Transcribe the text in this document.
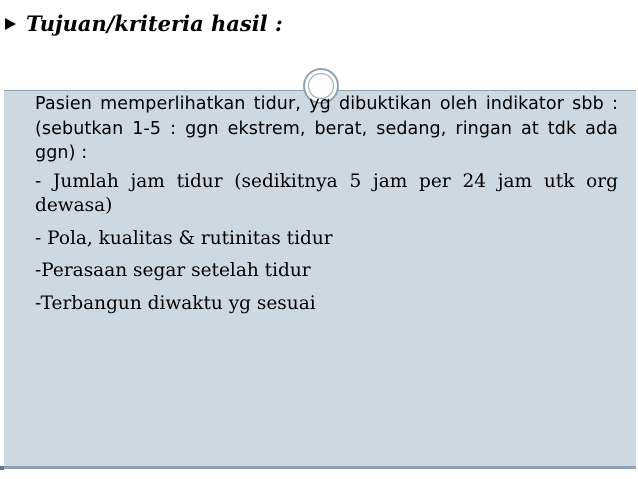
Tujuan/kriteria hasil :

Pasien memperlihatkan tidur, yg dibuktikan oleh indikator sbb : (sebutkan 1-5 : ggn ekstrem, berat, sedang, ringan at tdk ada ggn) :

- Jumlah jam tidur (sedikitnya 5 jam per 24 jam utk org dewasa)

- Pola, kualitas & rutinitas tidur

-Perasaan segar setelah tidur

-Terbangun diwaktu yg sesuai
